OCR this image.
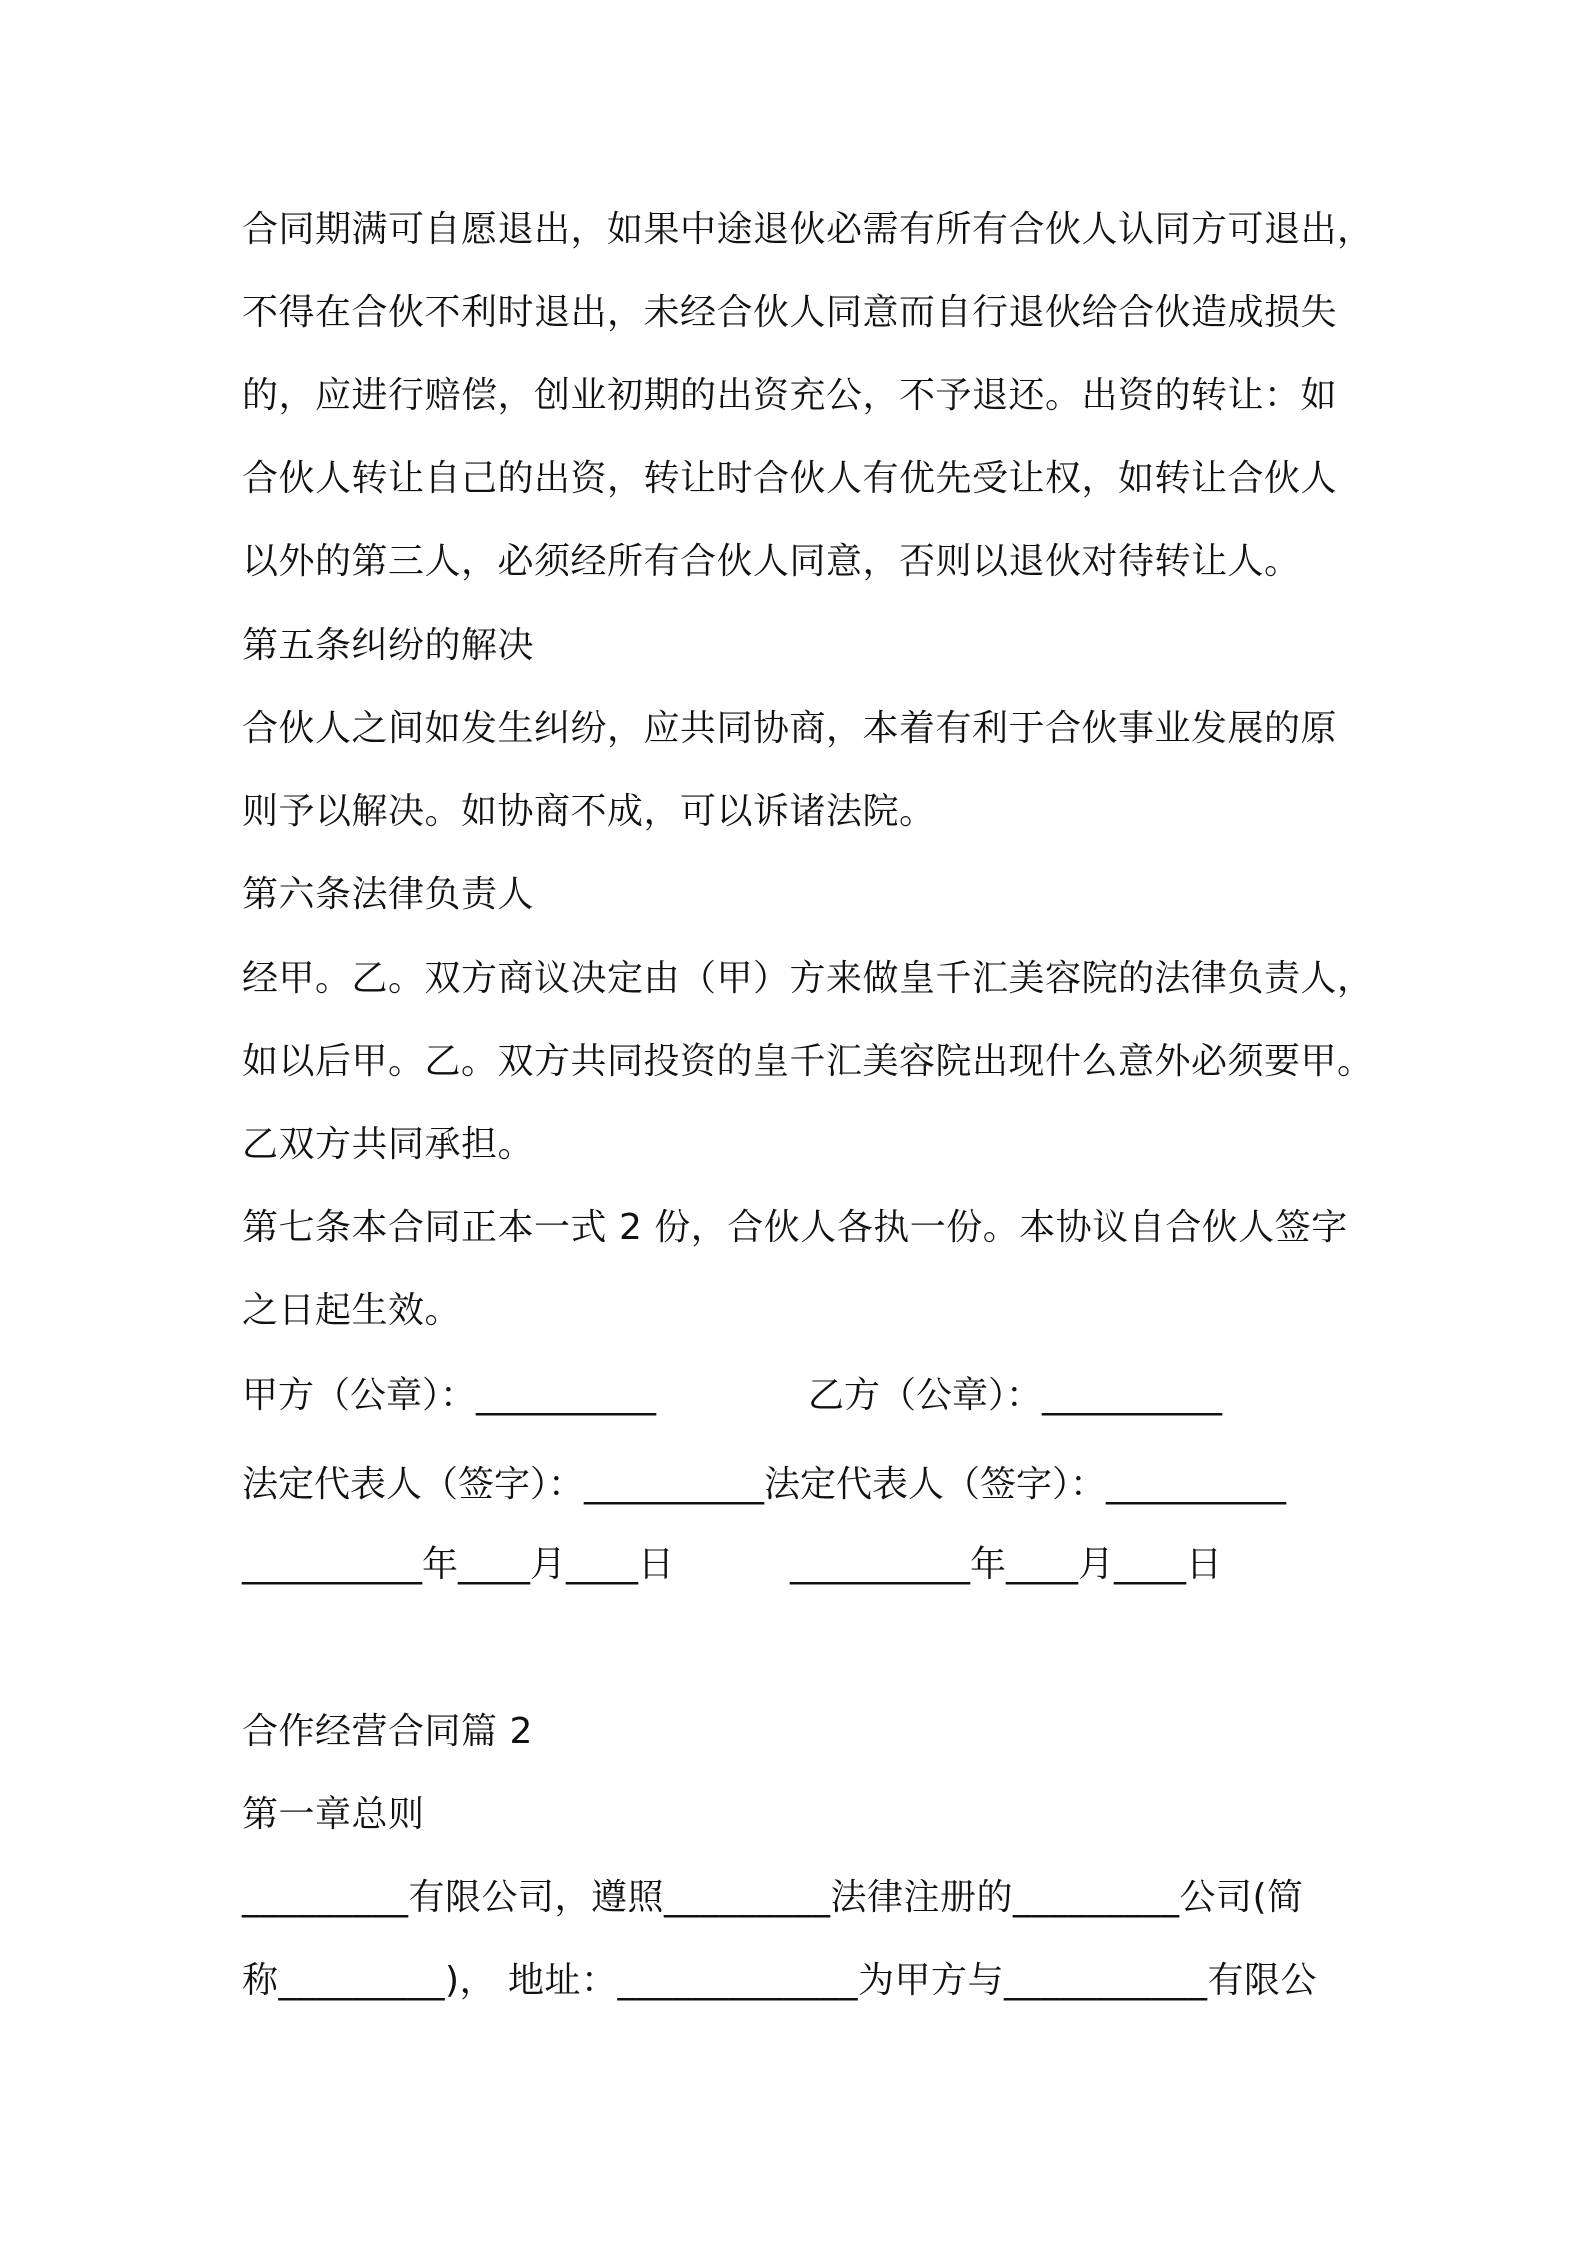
合同期满可自愿退出，如果中途退伙必需有所有合伙人认同方可退出，
不得在合伙不利时退出，未经合伙人同意而自行退伙给合伙造成损失
的，应进行赔偿，创业初期的出资充公，不予退还。出资的转让：如
合伙人转让自己的出资，转让时合伙人有优先受让权，如转让合伙人
以外的第三人，必须经所有合伙人同意，否则以退伙对待转让人。
第五条纠纷的解决
合伙人之间如发生纠纷，应共同协商，本着有利于合伙事业发展的原
则予以解决。如协商不成，可以诉诸法院。
第六条法律负责人
经甲。乙。双方商议决定由（甲）方来做皇千汇美容院的法律负责人，
如以后甲。乙。双方共同投资的皇千汇美容院出现什么意外必须要甲。
乙双方共同承担。
第七条本合同正本一式 2 份，合伙人各执一份。本协议自合伙人签字
之日起生效。
甲方（公章）：__________	乙方（公章）：__________
法定代表人（签字）：__________法定代表人（签字）：__________
__________年____月____日	__________年____月____日
合作经营合同篇 2
第一章总则
_________有限公司，遵照_________法律注册的_________公司(简
称_________)， 地址：_____________为甲方与___________有限公
